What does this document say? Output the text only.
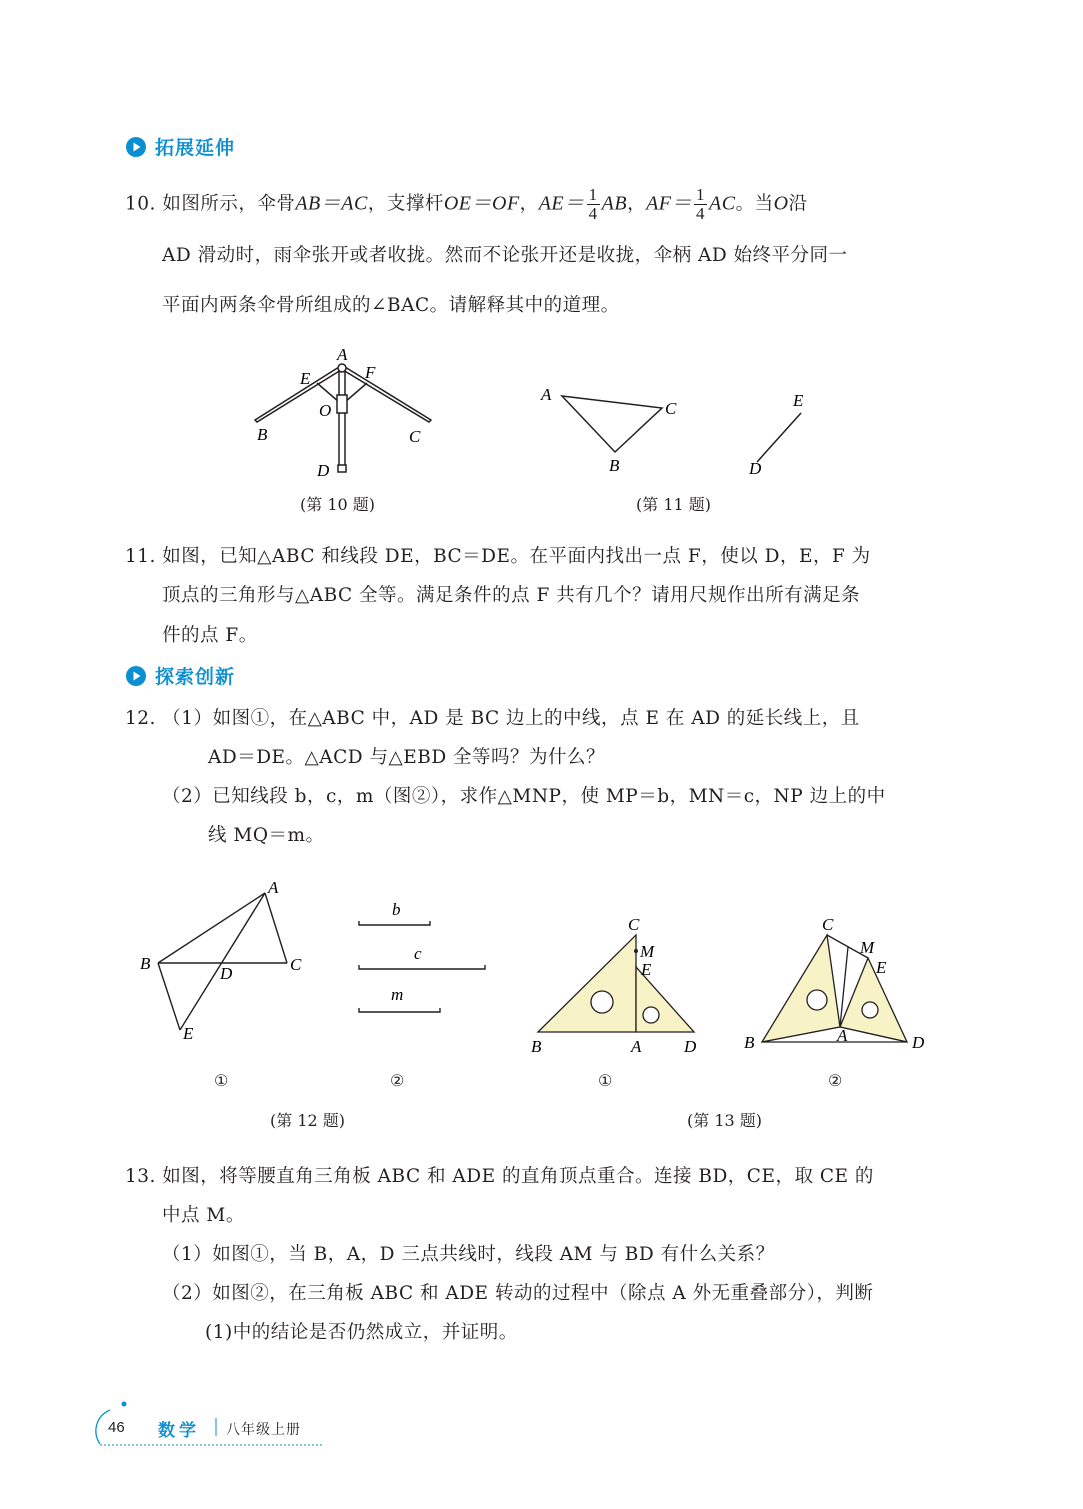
拓展延伸
10. 如图所示，伞骨AB＝AC，支撑杆OE＝OF，$AE= \frac{1}{4}$ AB，$AF= \frac{1}{4}$ AC。当O沿
AD 滑动时，雨伞张开或者收拢。然而不论张开还是收拢，伞柄 AD 始终平分同一
平面内两条伞骨所组成的∠BAC。请解释其中的道理。
A
E	F
O
B	C
D
(第 10 题)
A
C
B
E
D
(第 11 题)
11. 如图，已知△ABC 和线段 DE，BC＝DE。在平面内找出一点 F，使以 D，E，F 为
顶点的三角形与△ABC 全等。满足条件的点 F 共有几个？请用尺规作出所有满足条
件的点 F。
探索创新
12. （1）如图①，在△ABC 中，AD 是 BC 边上的中线，点 E 在 AD 的延长线上，且
AD＝DE。△ACD 与△EBD 全等吗？为什么？
（2）已知线段 b，c，m（图②），求作△MNP，使 MP＝b，MN＝c，NP 边上的中
线 MQ＝m。
A
B
D	C
E
①
b
c
m
②
(第 12 题)
C
M
E
B	A	D
①
C
M
E
A
B	D
②
(第 13 题)
13. 如图，将等腰直角三角板 ABC 和 ADE 的直角顶点重合。连接 BD，CE，取 CE 的
中点 M。
（1）如图①，当 B，A，D 三点共线时，线段 AM 与 BD 有什么关系？
（2）如图②，在三角板 ABC 和 ADE 转动的过程中（除点 A 外无重叠部分），判断
(1)中的结论是否仍然成立，并证明。
46 数学 八年级上册
